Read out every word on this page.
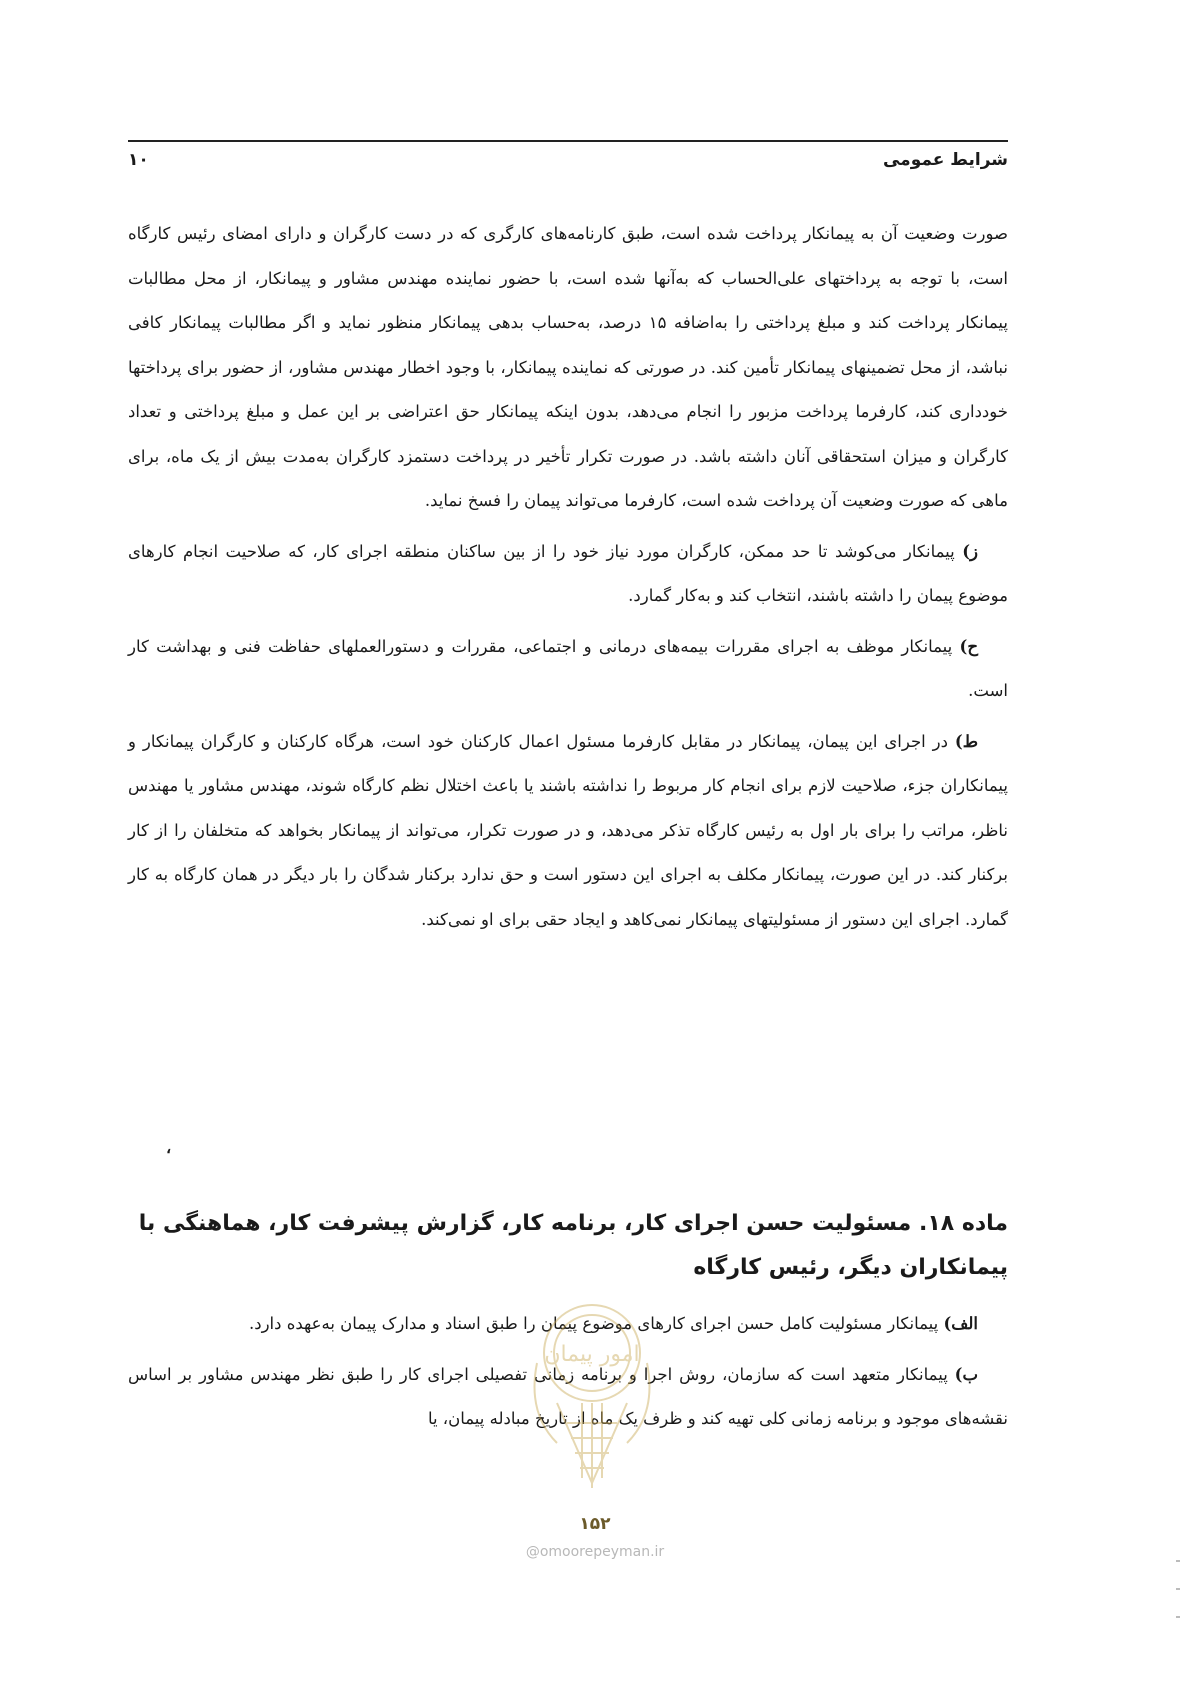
شرایط عمومی
۱۰

صورت وضعیت آن به پیمانکار پرداخت شده است، طبق کارنامه‌های کارگری که در دست کارگران و دارای امضای رئیس کارگاه است، با توجه به پرداختهای علی‌الحساب که به‌آنها شده است، با حضور نماینده مهندس مشاور و پیمانکار، از محل مطالبات پیمانکار پرداخت کند و مبلغ پرداختی را به‌اضافه ۱۵ درصد، به‌حساب بدهی پیمانکار منظور نماید و اگر مطالبات پیمانکار کافی نباشد، از محل تضمینهای پیمانکار تأمین کند. در صورتی که نماینده پیمانکار، با وجود اخطار مهندس مشاور، از حضور برای پرداختها خودداری کند، کارفرما پرداخت مزبور را انجام می‌دهد، بدون اینکه پیمانکار حق اعتراضی بر این عمل و مبلغ پرداختی و تعداد کارگران و میزان استحقاقی آنان داشته باشد. در صورت تکرار تأخیر در پرداخت دستمزد کارگران به‌مدت بیش از یک ماه، برای ماهی که صورت وضعیت آن پرداخت شده است، کارفرما می‌تواند پیمان را فسخ نماید.

ز) پیمانکار می‌کوشد تا حد ممکن، کارگران مورد نیاز خود را از بین ساکنان منطقه اجرای کار، که صلاحیت انجام کارهای موضوع پیمان را داشته باشند، انتخاب کند و به‌کار گمارد.

ح) پیمانکار موظف به اجرای مقررات بیمه‌های درمانی و اجتماعی، مقررات و دستورالعملهای حفاظت فنی و بهداشت کار است.

ط) در اجرای این پیمان، پیمانکار در مقابل کارفرما مسئول اعمال کارکنان خود است، هرگاه کارکنان و کارگران پیمانکار و پیمانکاران جزء، صلاحیت لازم برای انجام کار مربوط را نداشته باشند یا باعث اختلال نظم کارگاه شوند، مهندس مشاور یا مهندس ناظر، مراتب را برای بار اول به رئیس کارگاه تذکر می‌دهد، و در صورت تکرار، می‌تواند از پیمانکار بخواهد که متخلفان را از کار برکنار کند. در این صورت، پیمانکار مکلف به اجرای این دستور است و حق ندارد برکنار شدگان را بار دیگر در همان کارگاه به کار گمارد. اجرای این دستور از مسئولیتهای پیمانکار نمی‌کاهد و ایجاد حقی برای او نمی‌کند.

،
ماده ۱۸. مسئولیت حسن اجرای کار، برنامه کار، گزارش پیشرفت کار، هماهنگی با پیمانکاران دیگر، رئیس کارگاه

الف) پیمانکار مسئولیت کامل حسن اجرای کارهای موضوع پیمان را طبق اسناد و مدارک پیمان به‌عهده دارد.

ب) پیمانکار متعهد است که سازمان، روش اجرا و برنامه زمانی تفصیلی اجرای کار را طبق نظر مهندس مشاور بر اساس نقشه‌های موجود و برنامه زمانی کلی تهیه کند و ظرف یک ماه از تاریخ مبادله پیمان، یا

امور پیمان
۱۵۲
@omoorepeyman.ir
